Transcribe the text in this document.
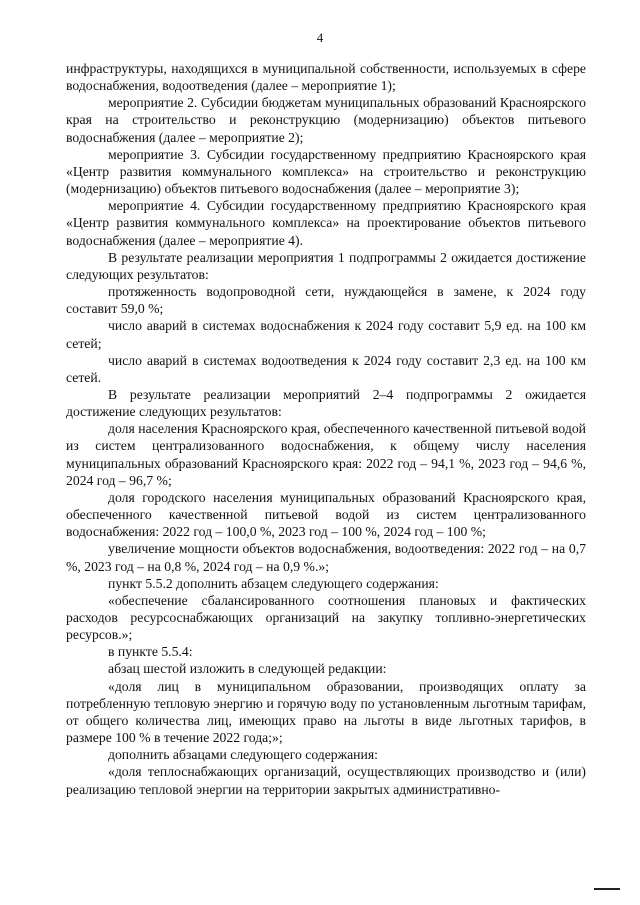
4

инфраструктуры, находящихся в муниципальной собственности, используемых в сфере водоснабжения, водоотведения (далее – мероприятие 1);

мероприятие 2. Субсидии бюджетам муниципальных образований Красноярского края на строительство и реконструкцию (модернизацию) объектов питьевого водоснабжения (далее – мероприятие 2);

мероприятие 3. Субсидии государственному предприятию Красноярского края «Центр развития коммунального комплекса» на строительство и реконструкцию (модернизацию) объектов питьевого водоснабжения (далее – мероприятие 3);

мероприятие 4. Субсидии государственному предприятию Красноярского края «Центр развития коммунального комплекса» на проектирование объектов питьевого водоснабжения (далее – мероприятие 4).

В результате реализации мероприятия 1 подпрограммы 2 ожидается достижение следующих результатов:

протяженность водопроводной сети, нуждающейся в замене, к 2024 году составит 59,0 %;

число аварий в системах водоснабжения к 2024 году составит 5,9 ед. на 100 км сетей;

число аварий в системах водоотведения к 2024 году составит 2,3 ед. на 100 км сетей.

В результате реализации мероприятий 2–4 подпрограммы 2 ожидается достижение следующих результатов:

доля населения Красноярского края, обеспеченного качественной питьевой водой из систем централизованного водоснабжения, к общему числу населения муниципальных образований Красноярского края: 2022 год – 94,1 %, 2023 год – 94,6 %, 2024 год – 96,7 %;

доля городского населения муниципальных образований Красноярского края, обеспеченного качественной питьевой водой из систем централизованного водоснабжения: 2022 год – 100,0 %, 2023 год – 100 %, 2024 год – 100 %;

увеличение мощности объектов водоснабжения, водоотведения: 2022 год – на 0,7 %, 2023 год – на 0,8 %, 2024 год – на 0,9 %.»;

пункт 5.5.2 дополнить абзацем следующего содержания:

«обеспечение сбалансированного соотношения плановых и фактических расходов ресурсоснабжающих организаций на закупку топливно-энергетических ресурсов.»;

в пункте 5.5.4:

абзац шестой изложить в следующей редакции:

«доля лиц в муниципальном образовании, производящих оплату за потребленную тепловую энергию и горячую воду по установленным льготным тарифам, от общего количества лиц, имеющих право на льготы в виде льготных тарифов, в размере 100 % в течение 2022 года;»;

дополнить абзацами следующего содержания:

«доля теплоснабжающих организаций, осуществляющих производство и (или) реализацию тепловой энергии на территории закрытых административно-
